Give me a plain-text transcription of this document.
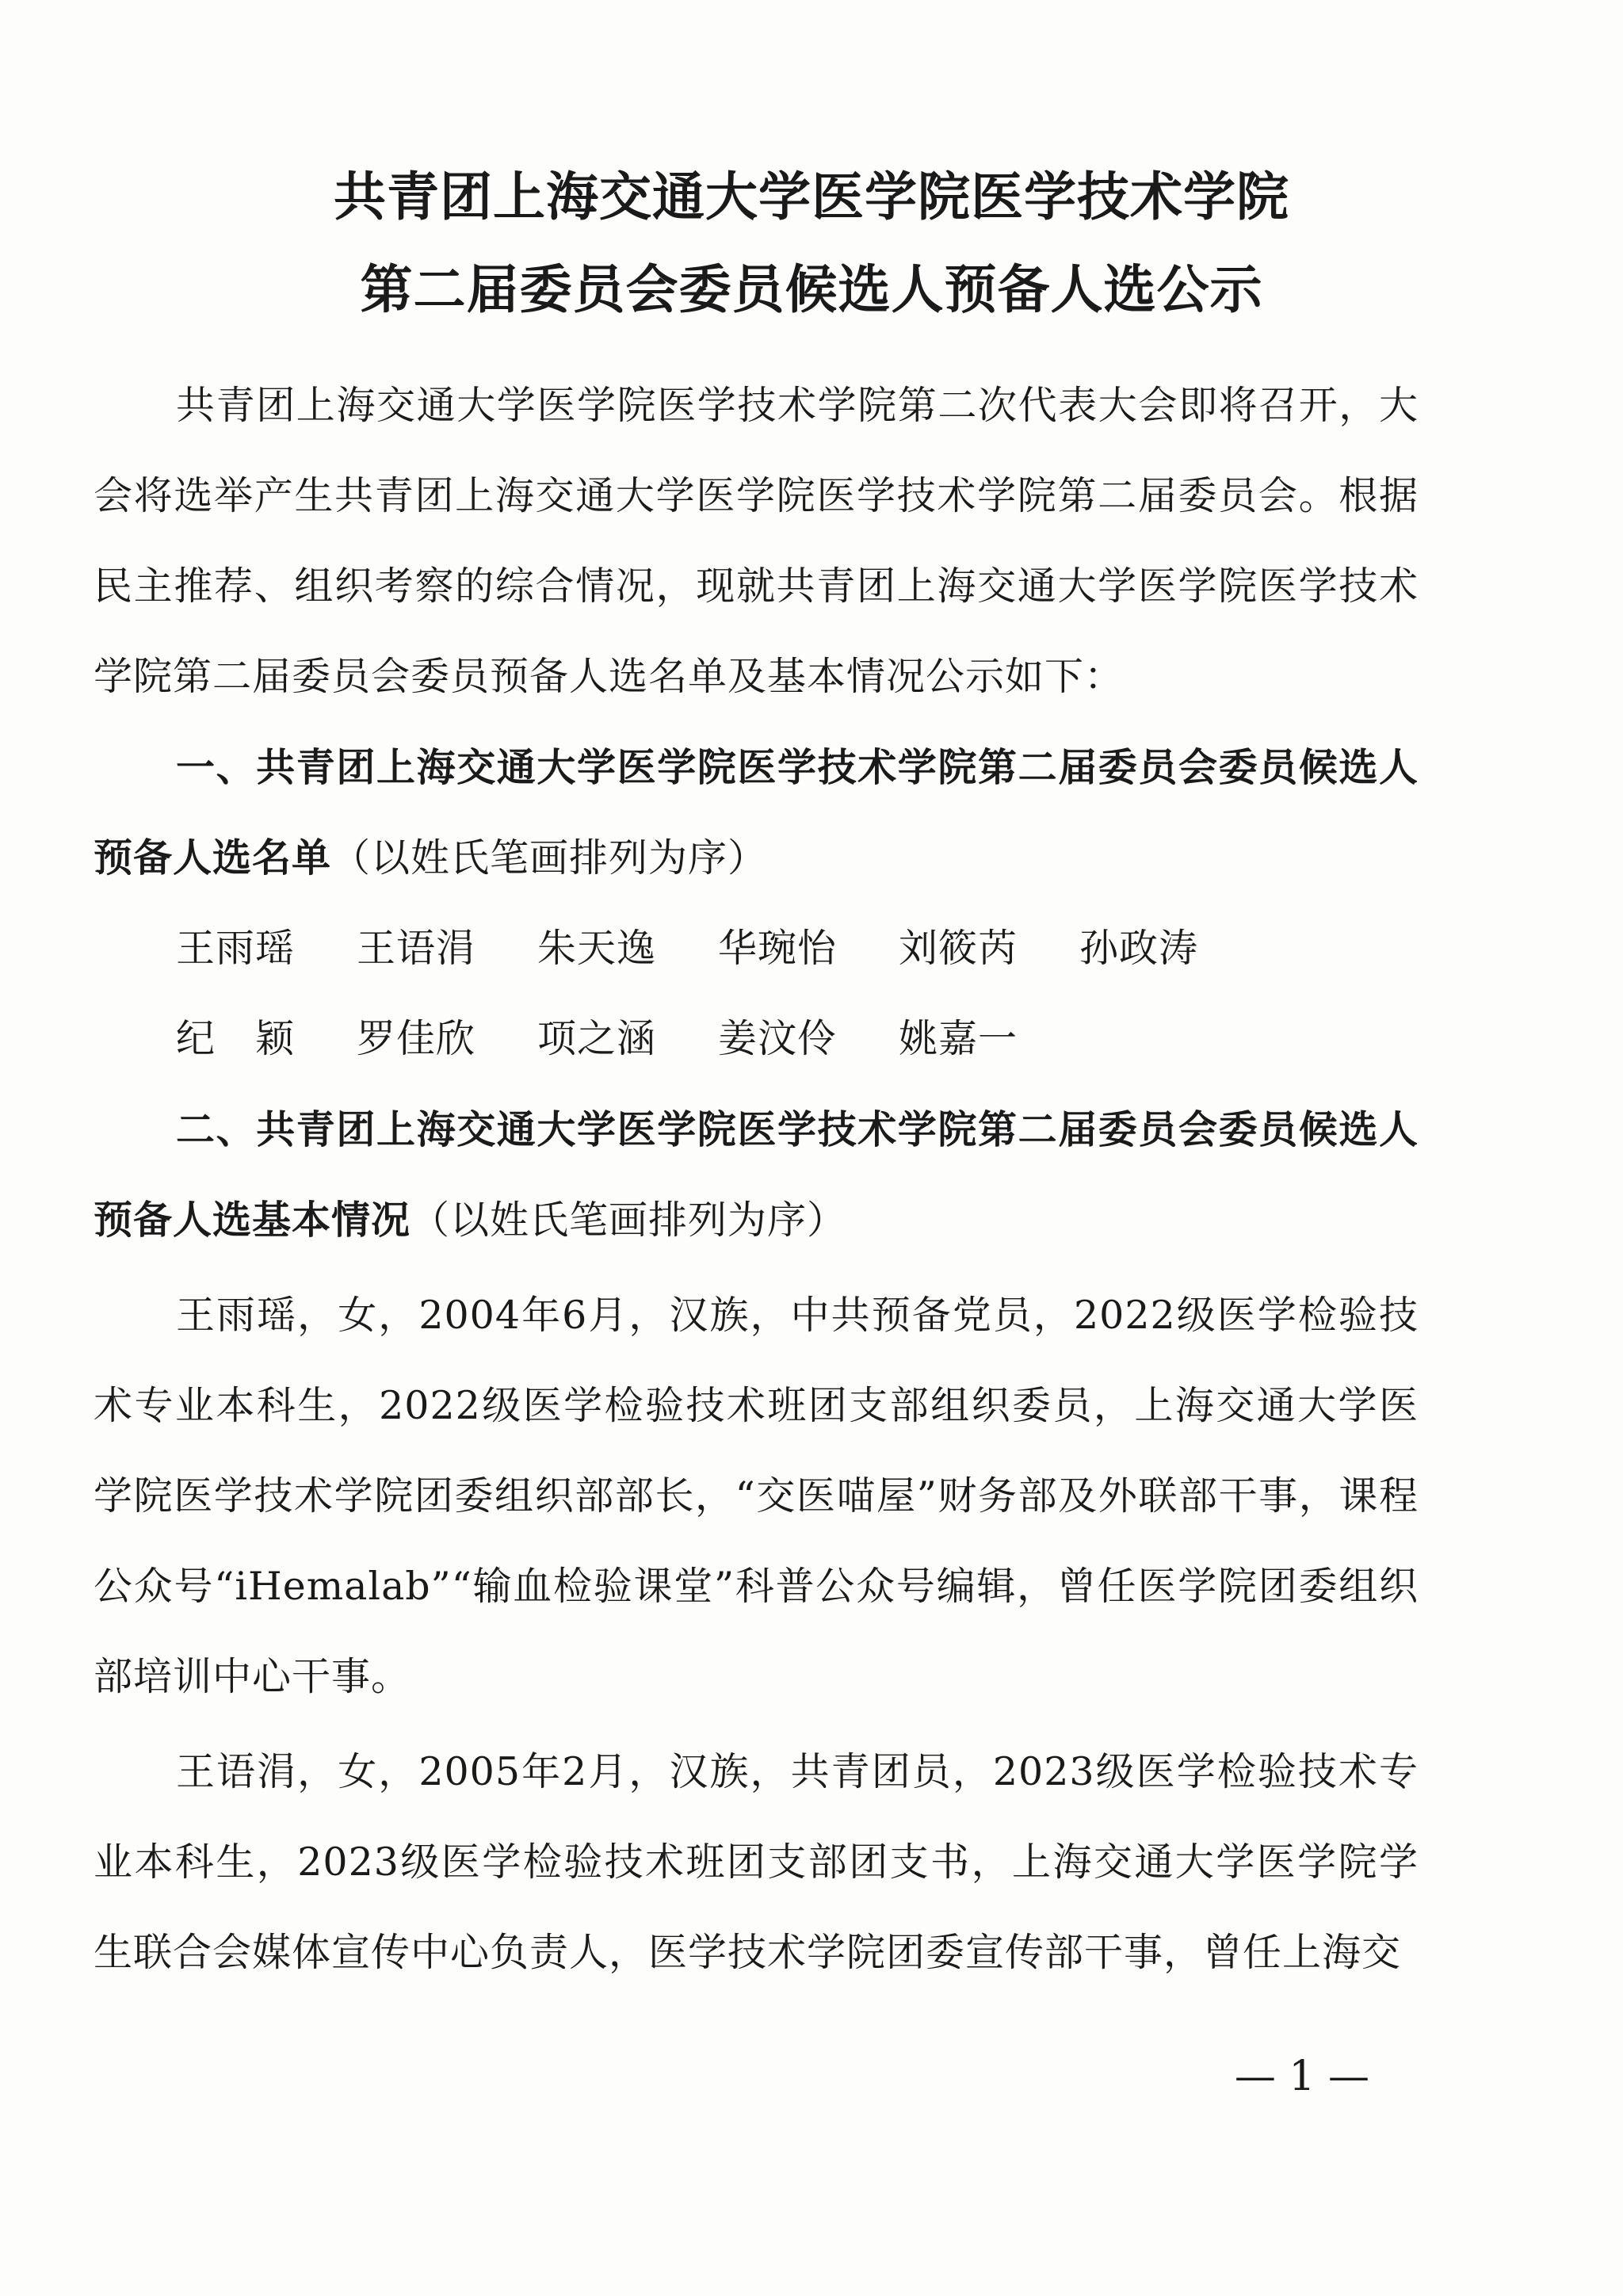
共青团上海交通大学医学院医学技术学院
第二届委员会委员候选人预备人选公示

共青团上海交通大学医学院医学技术学院第二次代表大会即将召开，大会将选举产生共青团上海交通大学医学院医学技术学院第二届委员会。根据民主推荐、组织考察的综合情况，现就共青团上海交通大学医学院医学技术学院第二届委员会委员预备人选名单及基本情况公示如下：

一、共青团上海交通大学医学院医学技术学院第二届委员会委员候选人预备人选名单（以姓氏笔画排列为序）

王雨瑶 王语涓 朱天逸 华琬怡 刘筱芮 孙政涛

纪　颖 罗佳欣 项之涵 姜汶伶 姚嘉一

二、共青团上海交通大学医学院医学技术学院第二届委员会委员候选人预备人选基本情况（以姓氏笔画排列为序）

王雨瑶，女，2004年6月，汉族，中共预备党员，2022级医学检验技术专业本科生，2022级医学检验技术班团支部组织委员，上海交通大学医学院医学技术学院团委组织部部长，“交医喵屋”财务部及外联部干事，课程公众号“iHemalab”“输血检验课堂”科普公众号编辑，曾任医学院团委组织部培训中心干事。

王语涓，女，2005年2月，汉族，共青团员，2023级医学检验技术专业本科生，2023级医学检验技术班团支部团支书，上海交通大学医学院学生联合会媒体宣传中心负责人，医学技术学院团委宣传部干事，曾任上海交

— 1 —
